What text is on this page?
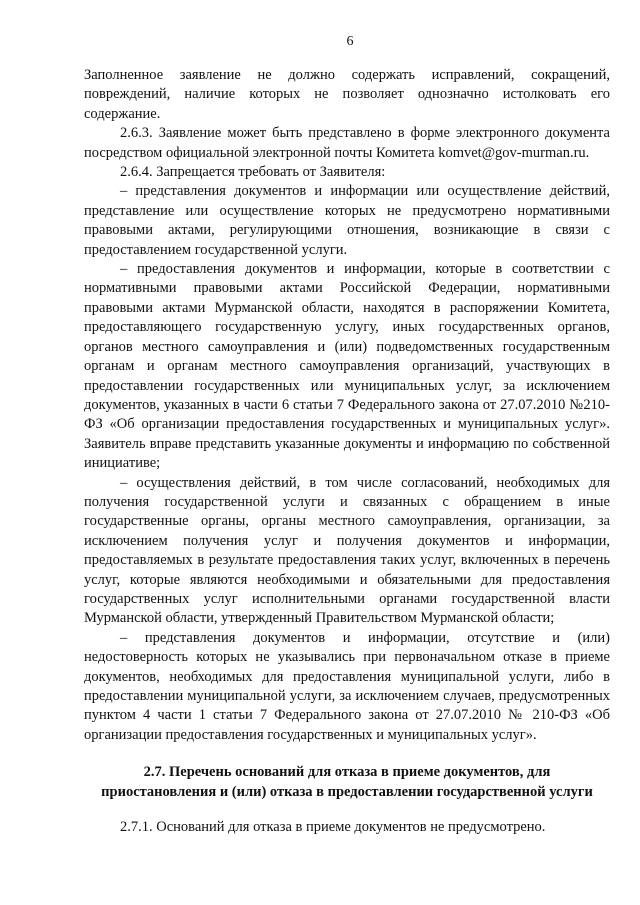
6

Заполненное заявление не должно содержать исправлений, сокращений, повреждений, наличие которых не позволяет однозначно истолковать его содержание.

2.6.3. Заявление может быть представлено в форме электронного документа посредством официальной электронной почты Комитета komvet@gov-murman.ru.

2.6.4. Запрещается требовать от Заявителя:

– представления документов и информации или осуществление действий, представление или осуществление которых не предусмотрено нормативными правовыми актами, регулирующими отношения, возникающие в связи с предоставлением государственной услуги.

– предоставления документов и информации, которые в соответствии с нормативными правовыми актами Российской Федерации, нормативными правовыми актами Мурманской области, находятся в распоряжении Комитета, предоставляющего государственную услугу, иных государственных органов, органов местного самоуправления и (или) подведомственных государственным органам и органам местного самоуправления организаций, участвующих в предоставлении государственных или муниципальных услуг, за исключением документов, указанных в части 6 статьи 7 Федерального закона от 27.07.2010 №210-ФЗ «Об организации предоставления государственных и муниципальных услуг». Заявитель вправе представить указанные документы и информацию по собственной инициативе;

– осуществления действий, в том числе согласований, необходимых для получения государственной услуги и связанных с обращением в иные государственные органы, органы местного самоуправления, организации, за исключением получения услуг и получения документов и информации, предоставляемых в результате предоставления таких услуг, включенных в перечень услуг, которые являются необходимыми и обязательными для предоставления государственных услуг исполнительными органами государственной власти Мурманской области, утвержденный Правительством Мурманской области;

– представления документов и информации, отсутствие и (или) недостоверность которых не указывались при первоначальном отказе в приеме документов, необходимых для предоставления муниципальной услуги, либо в предоставлении муниципальной услуги, за исключением случаев, предусмотренных пунктом 4 части 1 статьи 7 Федерального закона от 27.07.2010 № 210-ФЗ «Об организации предоставления государственных и муниципальных услуг».

2.7. Перечень оснований для отказа в приеме документов, для
приостановления и (или) отказа в предоставлении государственной услуги

2.7.1. Оснований для отказа в приеме документов не предусмотрено.
